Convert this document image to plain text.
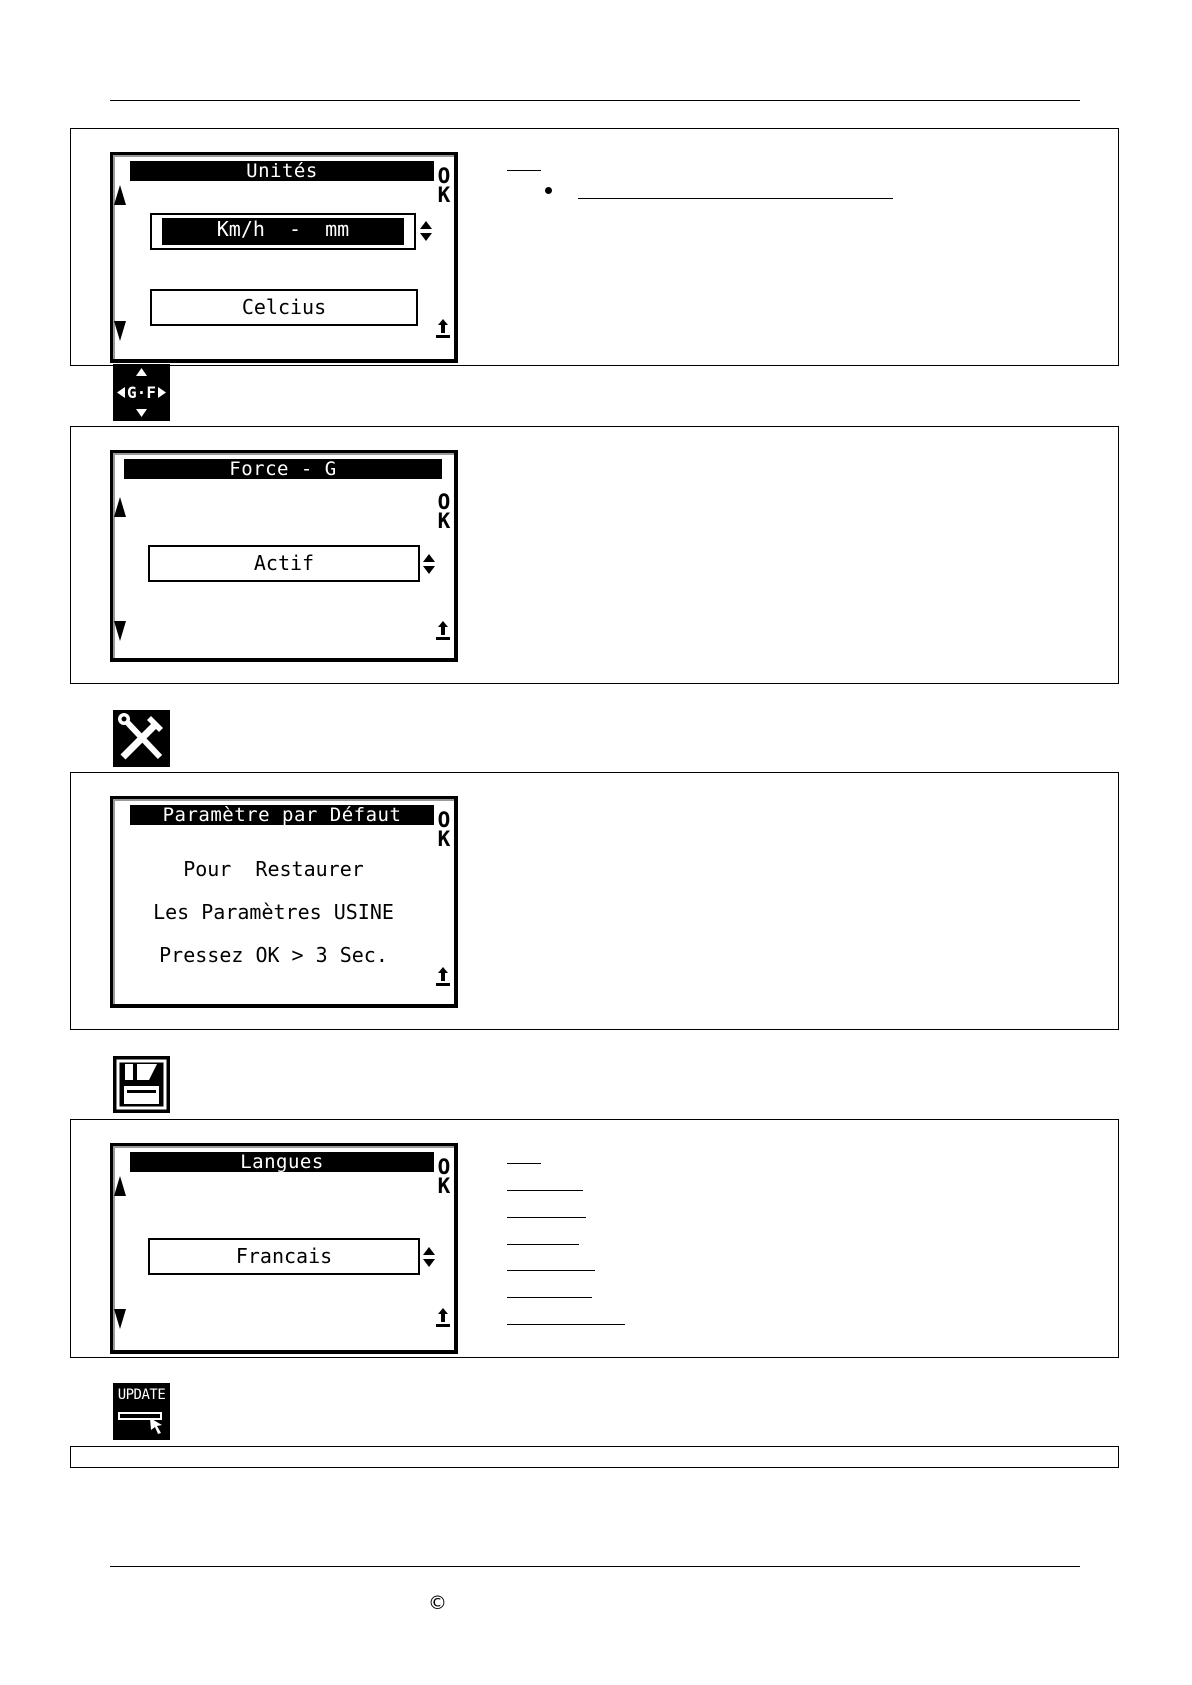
Unités	O
K

Km/h  -  mm

Celcius
G·F
Force - G
O
K
Actif
Paramètre par Défaut	O
K
Pour  Restaurer
Les Paramètres USINE
Pressez OK > 3 Sec.
Langues	O
K
Francais
UPDATE
©
